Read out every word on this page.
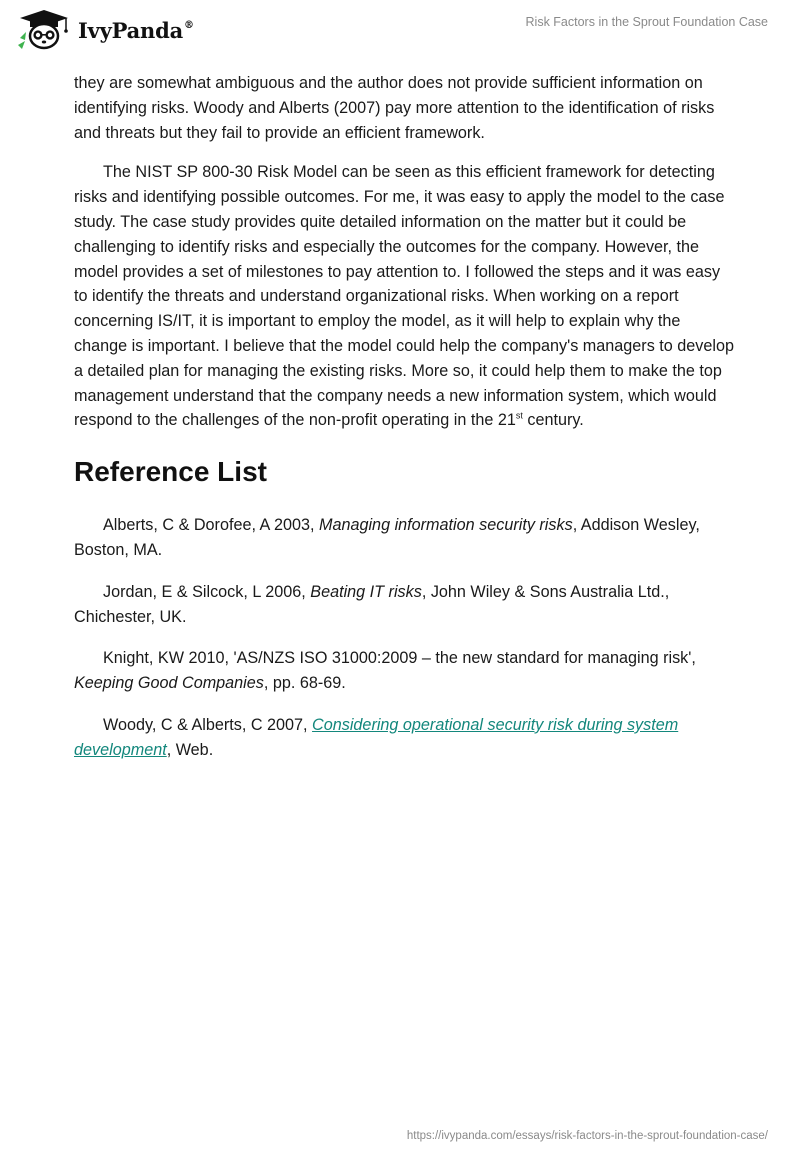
IvyPanda®	Risk Factors in the Sprout Foundation Case

they are somewhat ambiguous and the author does not provide sufficient information on identifying risks. Woody and Alberts (2007) pay more attention to the identification of risks and threats but they fail to provide an efficient framework.

The NIST SP 800-30 Risk Model can be seen as this efficient framework for detecting risks and identifying possible outcomes. For me, it was easy to apply the model to the case study. The case study provides quite detailed information on the matter but it could be challenging to identify risks and especially the outcomes for the company. However, the model provides a set of milestones to pay attention to. I followed the steps and it was easy to identify the threats and understand organizational risks. When working on a report concerning IS/IT, it is important to employ the model, as it will help to explain why the change is important. I believe that the model could help the company's managers to develop a detailed plan for managing the existing risks. More so, it could help them to make the top management understand that the company needs a new information system, which would respond to the challenges of the non-profit operating in the 21st century.

Reference List

Alberts, C & Dorofee, A 2003, Managing information security risks, Addison Wesley, Boston, MA.

Jordan, E & Silcock, L 2006, Beating IT risks, John Wiley & Sons Australia Ltd., Chichester, UK.

Knight, KW 2010, 'AS/NZS ISO 31000:2009 – the new standard for managing risk', Keeping Good Companies, pp. 68-69.

Woody, C & Alberts, C 2007, Considering operational security risk during system development, Web.

https://ivypanda.com/essays/risk-factors-in-the-sprout-foundation-case/
